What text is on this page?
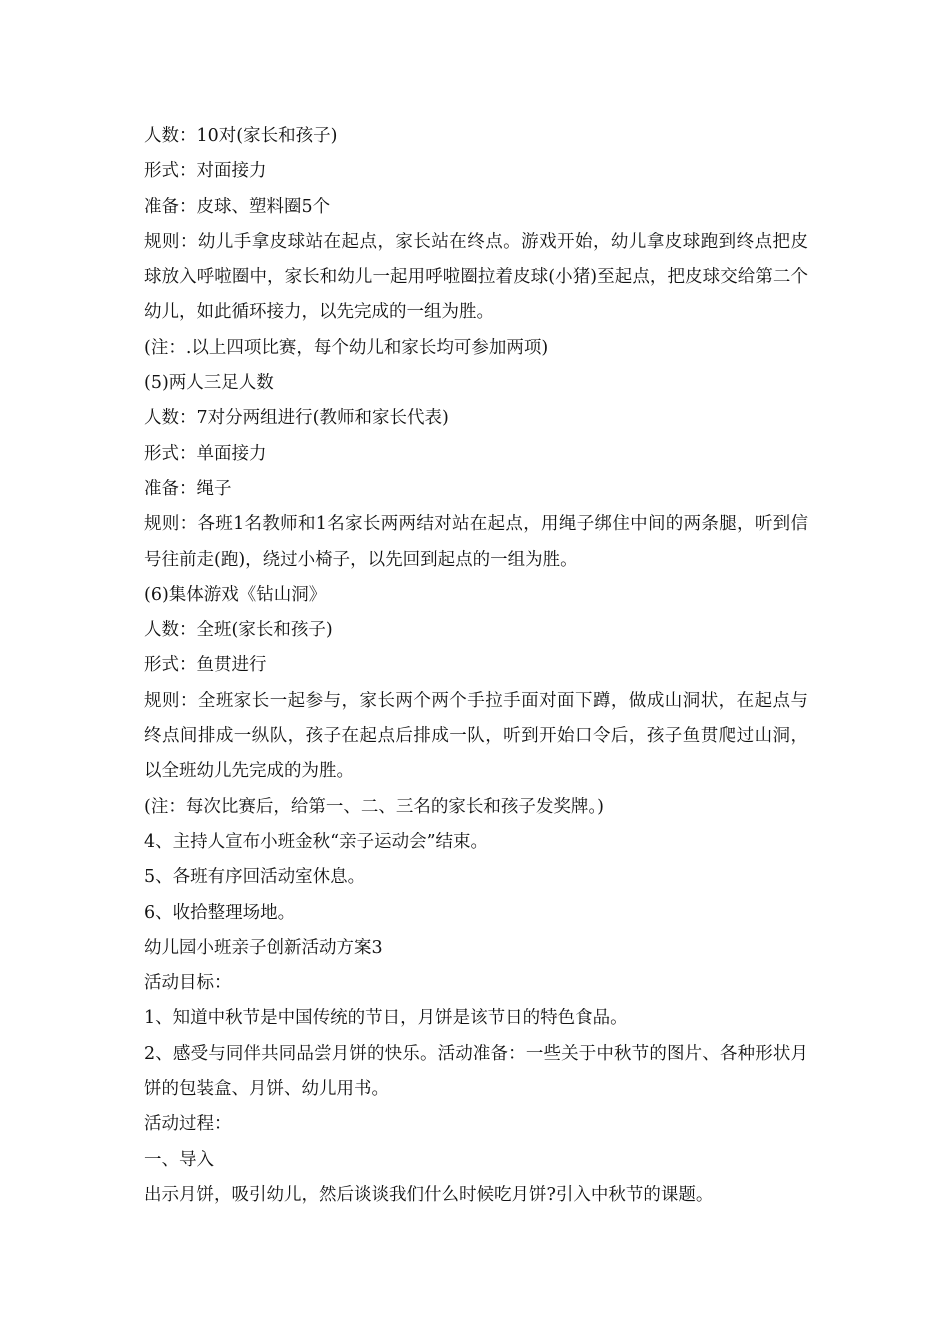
人数：10对(家长和孩子)

形式：对面接力

准备：皮球、塑料圈5个

规则：幼儿手拿皮球站在起点，家长站在终点。游戏开始，幼儿拿皮球跑到终点把皮球放入呼啦圈中，家长和幼儿一起用呼啦圈拉着皮球(小猪)至起点，把皮球交给第二个幼儿，如此循环接力，以先完成的一组为胜。

(注：.以上四项比赛，每个幼儿和家长均可参加两项)

(5)两人三足人数

人数：7对分两组进行(教师和家长代表)

形式：单面接力

准备：绳子

规则：各班1名教师和1名家长两两结对站在起点，用绳子绑住中间的两条腿，听到信号往前走(跑)，绕过小椅子，以先回到起点的一组为胜。

(6)集体游戏《钻山洞》

人数：全班(家长和孩子)

形式：鱼贯进行

规则：全班家长一起参与，家长两个两个手拉手面对面下蹲，做成山洞状，在起点与终点间排成一纵队，孩子在起点后排成一队，听到开始口令后，孩子鱼贯爬过山洞，以全班幼儿先完成的为胜。

(注：每次比赛后，给第一、二、三名的家长和孩子发奖牌。)

4、主持人宣布小班金秋“亲子运动会”结束。

5、各班有序回活动室休息。

6、收拾整理场地。

幼儿园小班亲子创新活动方案3

活动目标：

1、知道中秋节是中国传统的节日，月饼是该节日的特色食品。

2、感受与同伴共同品尝月饼的快乐。活动准备：一些关于中秋节的图片、各种形状月饼的包装盒、月饼、幼儿用书。

活动过程：

一、导入

出示月饼，吸引幼儿，然后谈谈我们什么时候吃月饼?引入中秋节的课题。
